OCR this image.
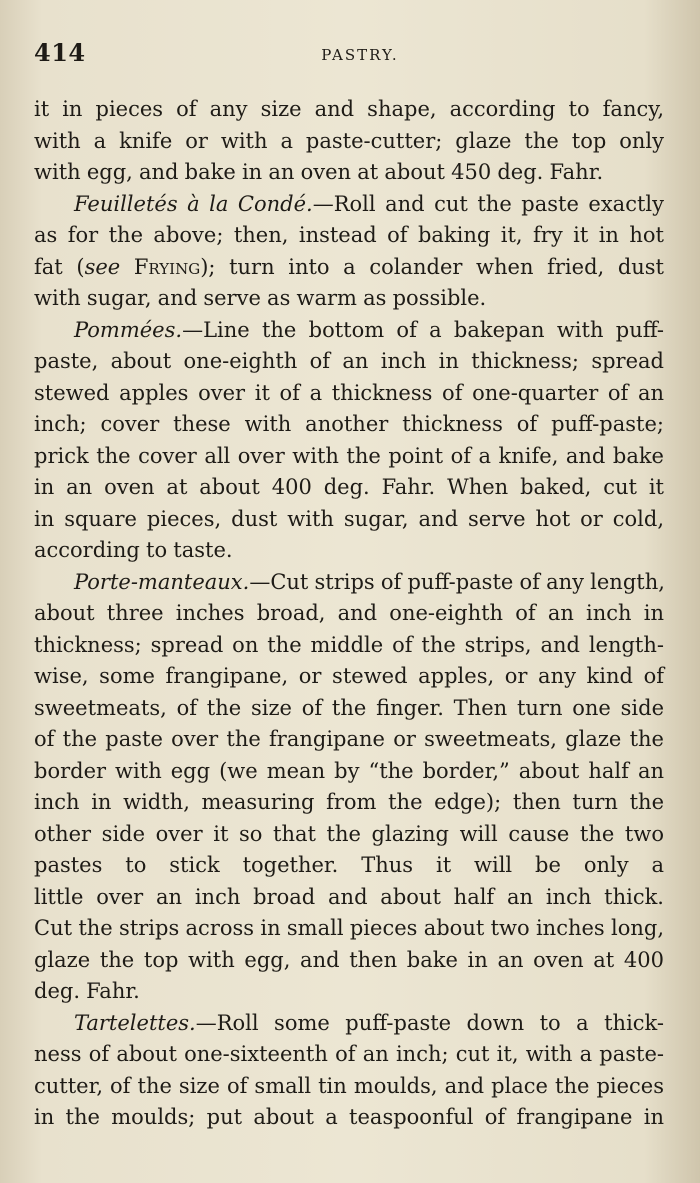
414	PASTRY.
it in pieces of any size and shape, according to fancy,
with a knife or with a paste-cutter; glaze the top only
with egg, and bake in an oven at about 450 deg. Fahr.
Feuilletés à la Condé.—Roll and cut the paste exactly
as for the above; then, instead of baking it, fry it in hot
fat (see Frying); turn into a colander when fried, dust
with sugar, and serve as warm as possible.
Pommées.—Line the bottom of a bakepan with puff-
paste, about one-eighth of an inch in thickness; spread
stewed apples over it of a thickness of one-quarter of an
inch; cover these with another thickness of puff-paste;
prick the cover all over with the point of a knife, and bake
in an oven at about 400 deg. Fahr. When baked, cut it
in square pieces, dust with sugar, and serve hot or cold,
according to taste.
Porte-manteaux.—Cut strips of puff-paste of any length,
about three inches broad, and one-eighth of an inch in
thickness; spread on the middle of the strips, and length-
wise, some frangipane, or stewed apples, or any kind of
sweetmeats, of the size of the finger. Then turn one side
of the paste over the frangipane or sweetmeats, glaze the
border with egg (we mean by “the border,” about half an
inch in width, measuring from the edge); then turn the
other side over it so that the glazing will cause the two
pastes to stick together. Thus it will be only a
little over an inch broad and about half an inch thick.
Cut the strips across in small pieces about two inches long,
glaze the top with egg, and then bake in an oven at 400
deg. Fahr.
Tartelettes.—Roll some puff-paste down to a thick-
ness of about one-sixteenth of an inch; cut it, with a paste-
cutter, of the size of small tin moulds, and place the pieces
in the moulds; put about a teaspoonful of frangipane in
